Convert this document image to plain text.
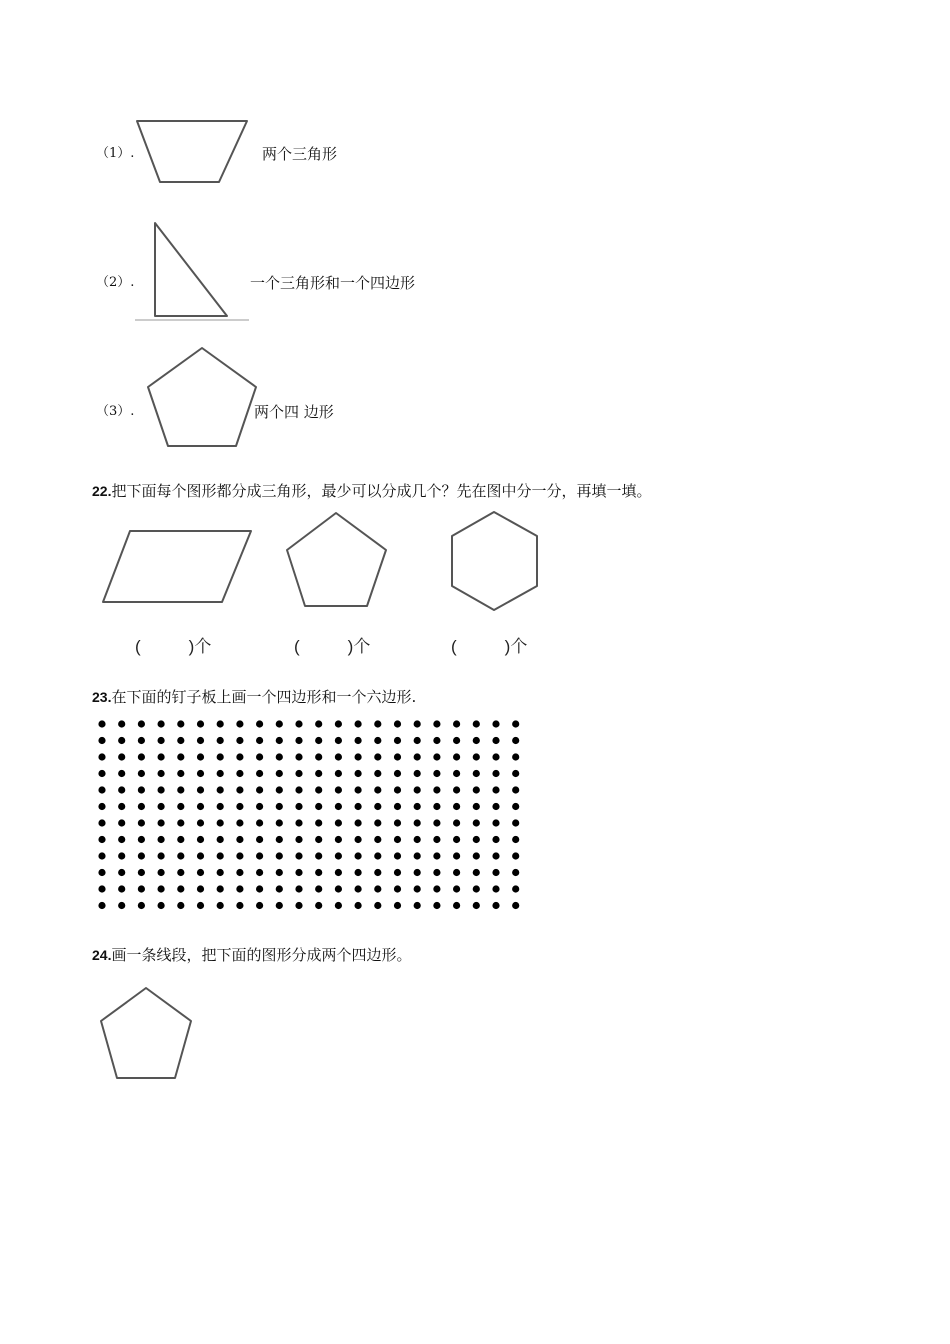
（1）.	两个三角形
（2）.	一个三角形和一个四边形
（3）.	两个四 边形
22.把下面每个图形都分成三角形，最少可以分成几个？先在图中分一分，再填一填。
(	)个	(	)个	(	)个
23.在下面的钉子板上画一个四边形和一个六边形.
24.画一条线段，把下面的图形分成两个四边形。
